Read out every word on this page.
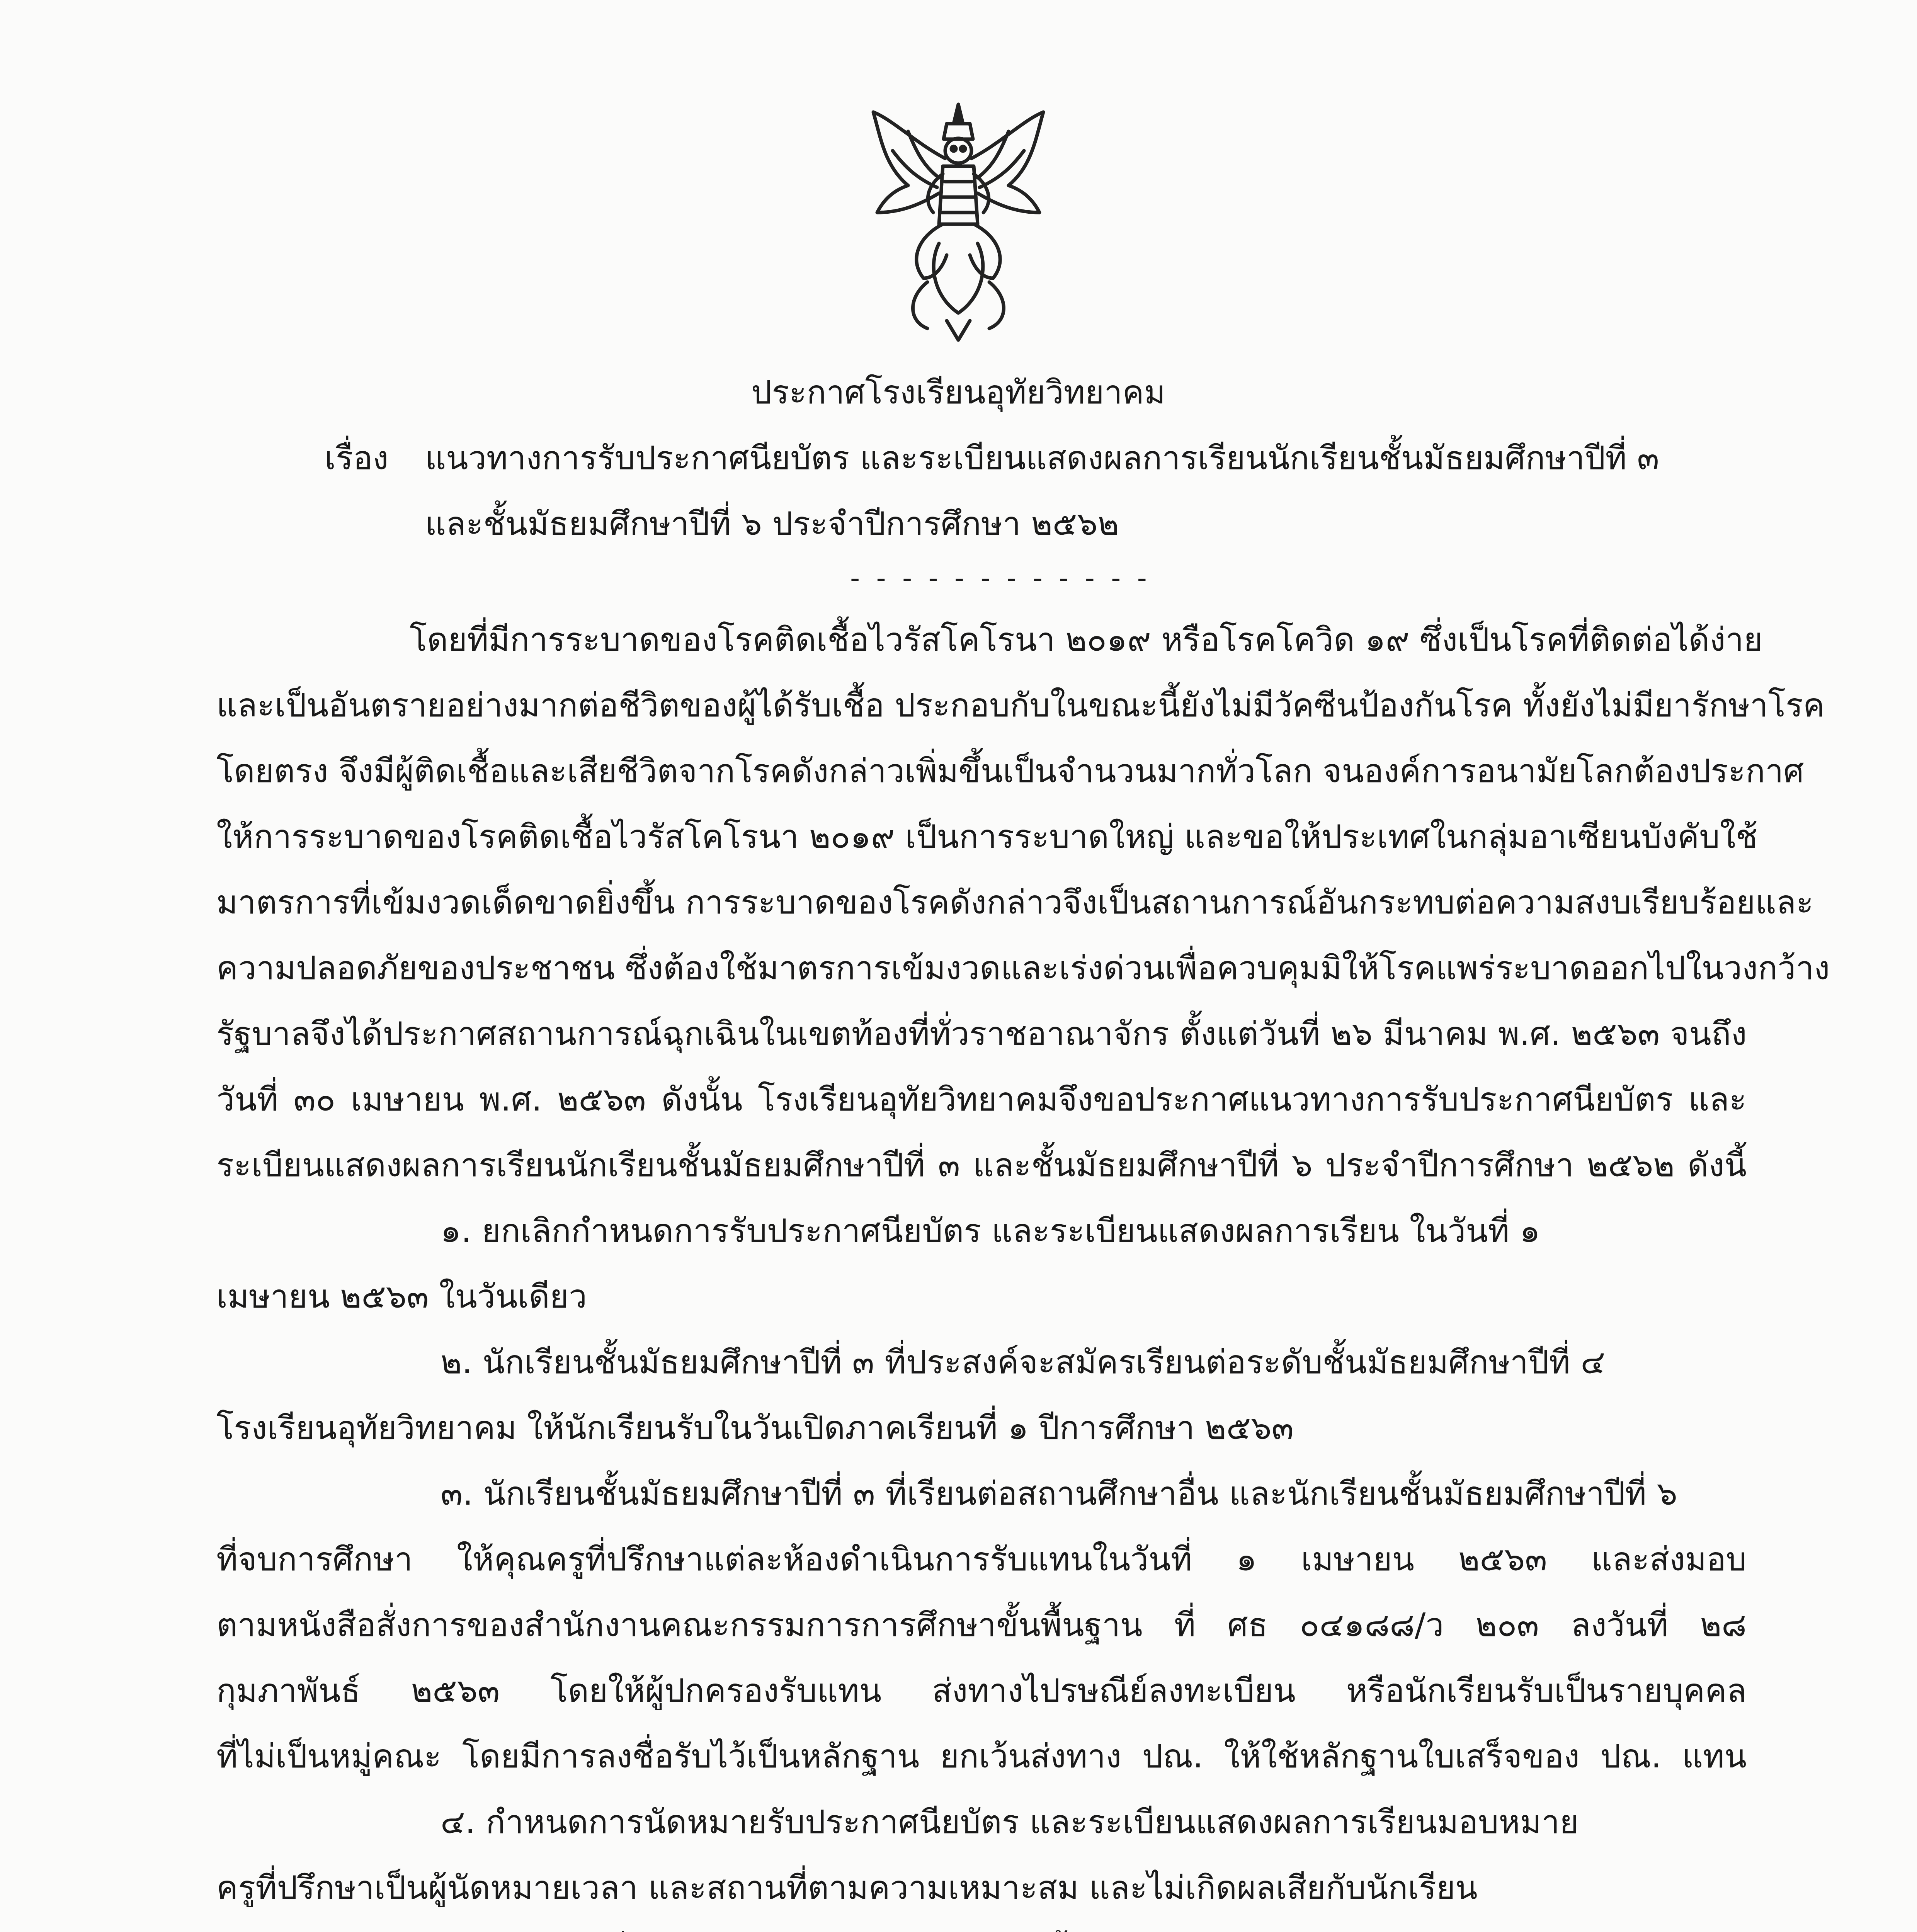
ประกาศโรงเรียนอุทัยวิทยาคม
เรื่อง แนวทางการรับประกาศนียบัตร และระเบียนแสดงผลการเรียนนักเรียนชั้นมัธยมศึกษาปีที่ ๓
และชั้นมัธยมศึกษาปีที่ ๖ ประจำปีการศึกษา ๒๕๖๒
- - - - - - - - - - - -
โดยที่มีการระบาดของโรคติดเชื้อไวรัสโคโรนา ๒๐๑๙ หรือโรคโควิด ๑๙ ซึ่งเป็นโรคที่ติดต่อได้ง่าย
และเป็นอันตรายอย่างมากต่อชีวิตของผู้ได้รับเชื้อ ประกอบกับในขณะนี้ยังไม่มีวัคซีนป้องกันโรค ทั้งยังไม่มียารักษาโรค
โดยตรง จึงมีผู้ติดเชื้อและเสียชีวิตจากโรคดังกล่าวเพิ่มขึ้นเป็นจำนวนมากทั่วโลก จนองค์การอนามัยโลกต้องประกาศ
ให้การระบาดของโรคติดเชื้อไวรัสโคโรนา ๒๐๑๙ เป็นการระบาดใหญ่ และขอให้ประเทศในกลุ่มอาเซียนบังคับใช้
มาตรการที่เข้มงวดเด็ดขาดยิ่งขึ้น การระบาดของโรคดังกล่าวจึงเป็นสถานการณ์อันกระทบต่อความสงบเรียบร้อยและ
ความปลอดภัยของประชาชน ซึ่งต้องใช้มาตรการเข้มงวดและเร่งด่วนเพื่อควบคุมมิให้โรคแพร่ระบาดออกไปในวงกว้าง
รัฐบาลจึงได้ประกาศสถานการณ์ฉุกเฉินในเขตท้องที่ทั่วราชอาณาจักร ตั้งแต่วันที่ ๒๖ มีนาคม พ.ศ. ๒๕๖๓ จนถึง
วันที่ ๓๐ เมษายน พ.ศ. ๒๕๖๓ ดังนั้น โรงเรียนอุทัยวิทยาคมจึงขอประกาศแนวทางการรับประกาศนียบัตร และ
ระเบียนแสดงผลการเรียนนักเรียนชั้นมัธยมศึกษาปีที่ ๓ และชั้นมัธยมศึกษาปีที่ ๖ ประจำปีการศึกษา ๒๕๖๒ ดังนี้
๑. ยกเลิกกำหนดการรับประกาศนียบัตร และระเบียนแสดงผลการเรียน ในวันที่ ๑
เมษายน ๒๕๖๓ ในวันเดียว
๒. นักเรียนชั้นมัธยมศึกษาปีที่ ๓ ที่ประสงค์จะสมัครเรียนต่อระดับชั้นมัธยมศึกษาปีที่ ๔
โรงเรียนอุทัยวิทยาคม ให้นักเรียนรับในวันเปิดภาคเรียนที่ ๑ ปีการศึกษา ๒๕๖๓
๓. นักเรียนชั้นมัธยมศึกษาปีที่ ๓ ที่เรียนต่อสถานศึกษาอื่น และนักเรียนชั้นมัธยมศึกษาปีที่ ๖
ที่จบการศึกษา ให้คุณครูที่ปรึกษาแต่ละห้องดำเนินการรับแทนในวันที่ ๑ เมษายน ๒๕๖๓ และส่งมอบ
ตามหนังสือสั่งการของสำนักงานคณะกรรมการการศึกษาขั้นพื้นฐาน ที่ ศธ ๐๔๑๘๘/ว ๒๐๓ ลงวันที่ ๒๘
กุมภาพันธ์ ๒๕๖๓ โดยให้ผู้ปกครองรับแทน ส่งทางไปรษณีย์ลงทะเบียน หรือนักเรียนรับเป็นรายบุคคล
ที่ไม่เป็นหมู่คณะ โดยมีการลงชื่อรับไว้เป็นหลักฐาน ยกเว้นส่งทาง ปณ. ให้ใช้หลักฐานใบเสร็จของ ปณ. แทน
๔. กำหนดการนัดหมายรับประกาศนียบัตร และระเบียนแสดงผลการเรียนมอบหมาย
ครูที่ปรึกษาเป็นผู้นัดหมายเวลา และสถานที่ตามความเหมาะสม และไม่เกิดผลเสียกับนักเรียน
